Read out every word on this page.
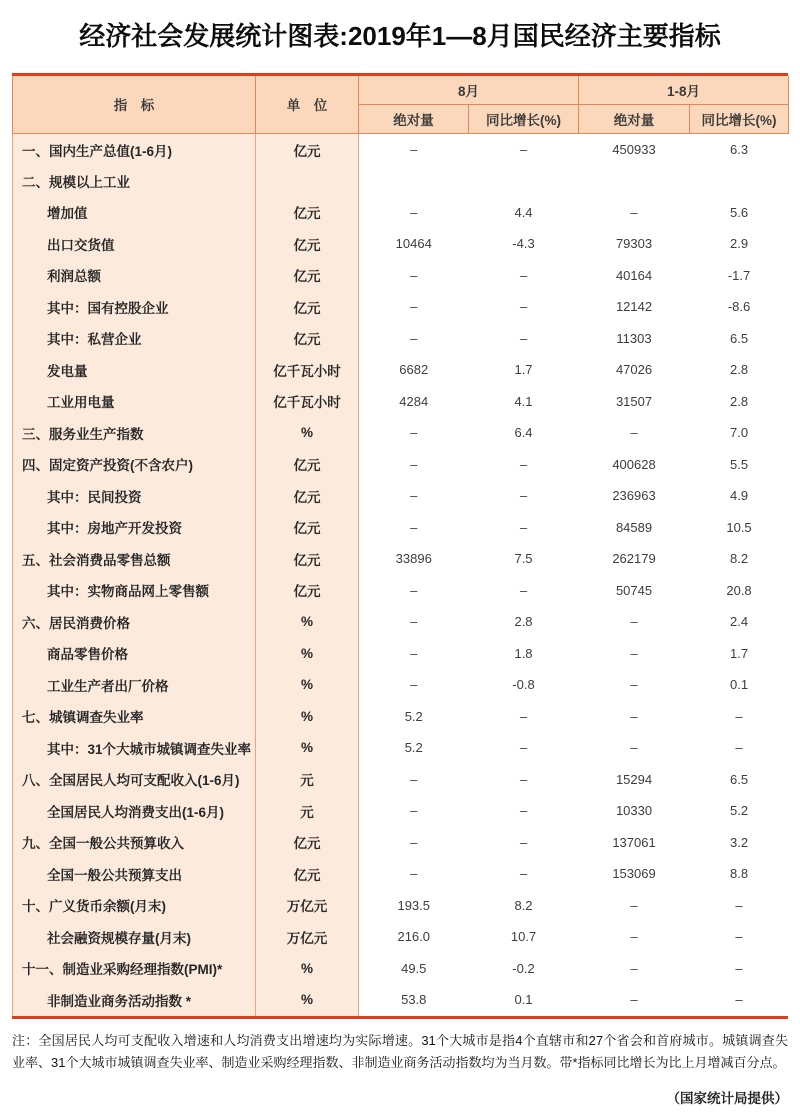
经济社会发展统计图表:2019年1—8月国民经济主要指标
指　标	单　位	8月		1-8月	
		绝对量	同比增长(%)	绝对量	同比增长(%)
一、国内生产总值(1-6月)	亿元	–	–	450933	6.3
二、规模以上工业					
增加值	亿元	–	4.4	–	5.6
出口交货值	亿元	10464	-4.3	79303	2.9
利润总额	亿元	–	–	40164	-1.7
其中：国有控股企业	亿元	–	–	12142	-8.6
其中：私营企业	亿元	–	–	11303	6.5
发电量	亿千瓦小时	6682	1.7	47026	2.8
工业用电量	亿千瓦小时	4284	4.1	31507	2.8
三、服务业生产指数	%	–	6.4	–	7.0
四、固定资产投资(不含农户)	亿元	–	–	400628	5.5
其中：民间投资	亿元	–	–	236963	4.9
其中：房地产开发投资	亿元	–	–	84589	10.5
五、社会消费品零售总额	亿元	33896	7.5	262179	8.2
其中：实物商品网上零售额	亿元	–	–	50745	20.8
六、居民消费价格	%	–	2.8	–	2.4
商品零售价格	%	–	1.8	–	1.7
工业生产者出厂价格	%	–	-0.8	–	0.1
七、城镇调查失业率	%	5.2	–	–	–
其中：31个大城市城镇调查失业率	%	5.2	–	–	–
八、全国居民人均可支配收入(1-6月)	元	–	–	15294	6.5
全国居民人均消费支出(1-6月)	元	–	–	10330	5.2
九、全国一般公共预算收入	亿元	–	–	137061	3.2
全国一般公共预算支出	亿元	–	–	153069	8.8
十、广义货币余额(月末)	万亿元	193.5	8.2	–	–
社会融资规模存量(月末)	万亿元	216.0	10.7	–	–
十一、制造业采购经理指数(PMI)*	%	49.5	-0.2	–	–
非制造业商务活动指数 *	%	53.8	0.1	–	–

注：全国居民人均可支配收入增速和人均消费支出增速均为实际增速。31个大城市是指4个直辖市和27个省会和首府城市。城镇调查失业率、31个大城市城镇调查失业率、制造业采购经理指数、非制造业商务活动指数均为当月数。带*指标同比增长为比上月增减百分点。

（国家统计局提供）
